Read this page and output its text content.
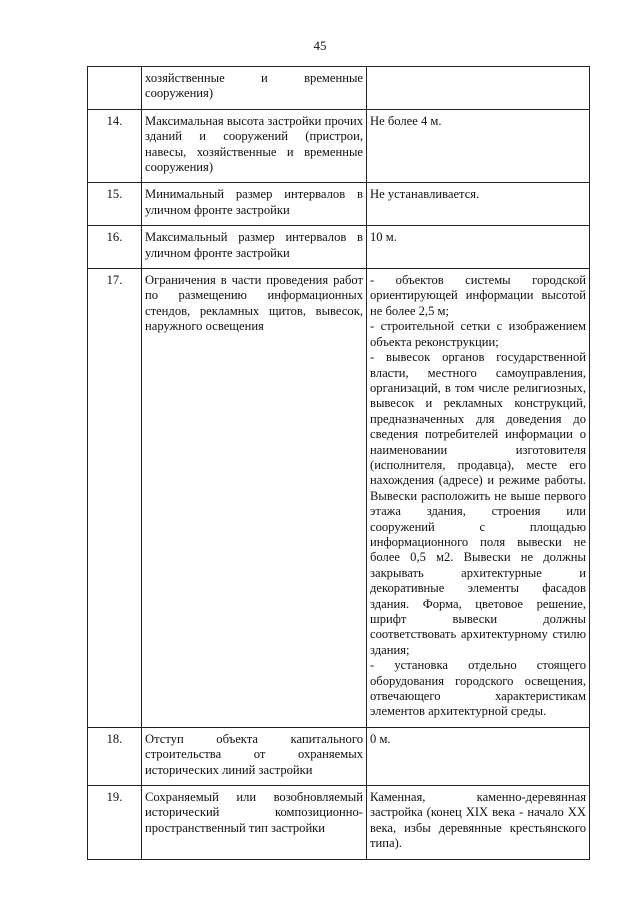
45
	хозяйственные и временные сооружения)	
14.	Максимальная высота застройки прочих зданий и сооружений (пристрои, навесы, хозяйственные и временные сооружения)	Не более 4 м.

15.	Минимальный размер интервалов в уличном фронте застройки	Не устанавливается.

16.	Максимальный размер интервалов в уличном фронте застройки	10 м.

17.	Ограничения в части проведения работ по размещению информационных стендов, рекламных щитов, вывесок, наружного освещения	- объектов системы городской ориентирующей информации высотой не более 2,5 м;
- строительной сетки с изображением объекта реконструкции;
- вывесок органов государственной власти, местного самоуправления, организаций, в том числе религиозных, вывесок и рекламных конструкций, предназначенных для доведения до сведения потребителей информации о наименовании изготовителя (исполнителя, продавца), месте его нахождения (адресе) и режиме работы. Вывески расположить не выше первого этажа здания, строения или сооружений с площадью информационного поля вывески не более 0,5 м2. Вывески не должны закрывать архитектурные и декоративные элементы фасадов здания. Форма, цветовое решение, шрифт вывески должны соответствовать архитектурному стилю здания;
- установка отдельно стоящего оборудования городского освещения, отвечающего характеристикам элементов архитектурной среды.

18.	Отступ объекта капитального строительства от охраняемых исторических линий застройки	0 м.

19.	Сохраняемый или возобновляемый исторический композиционно-пространственный тип застройки	Каменная, каменно-деревянная застройка (конец XIX века - начало XX века, избы деревянные крестьянского типа).
